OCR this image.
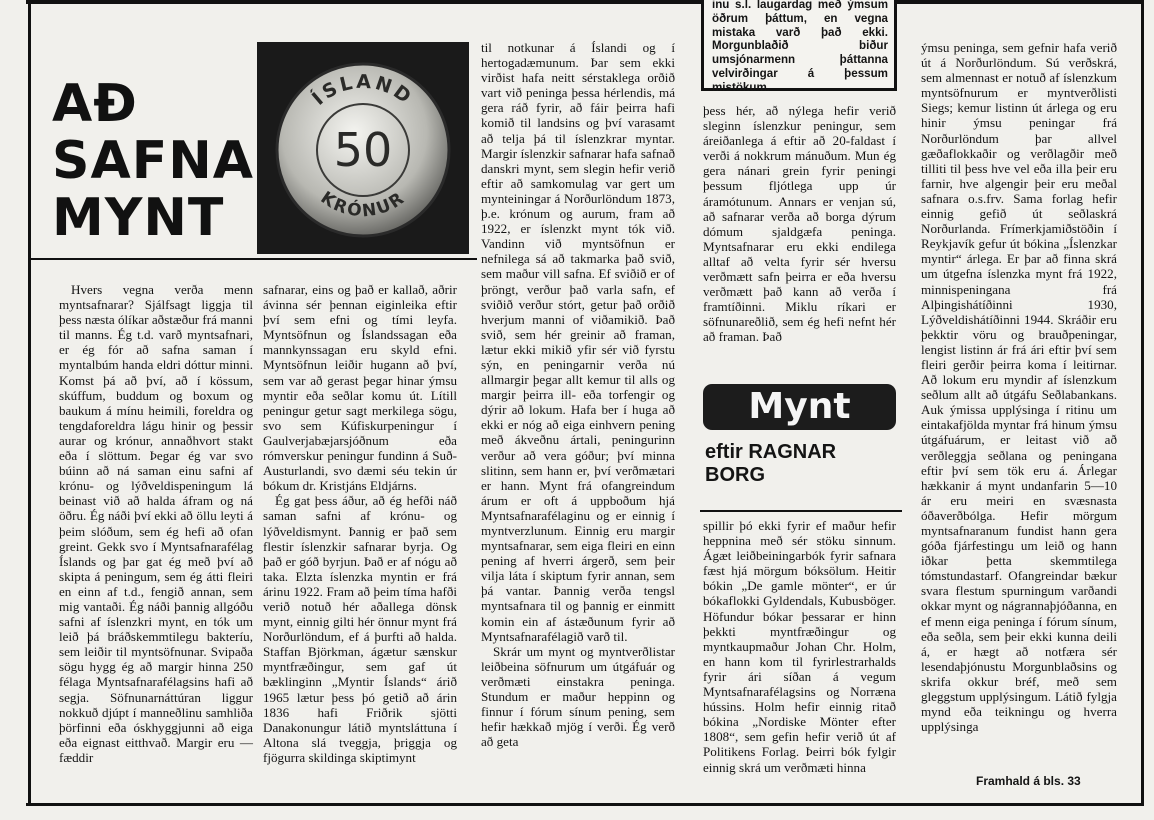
AÐ
SAFNA
MYNT
ÍSLAND
50
KRÓNUR
inu s.l. laugardag með ýmsum öðrum þáttum, en vegna mistaka varð það ekki. Morgunblaðið biður umsjónarmenn þáttanna velvirðingar á þessum mistökum.
Mynt
eftir RAGNAR
BORG

Hvers vegna verða menn myntsafnarar? Sjálfsagt liggja til þess næsta ólíkar aðstæður frá manni til manns. Ég t.d. varð myntsafnari, er ég fór að safna saman í myntalbúm handa eldri dóttur minni. Komst þá að því, að í kössum, skúffum, buddum og boxum og baukum á mínu heimili, foreldra og tengdaforeldra lágu hinir og þessir aurar og krónur, annaðhvort stakt eða í slöttum. Þegar ég var svo búinn að ná saman einu safni af krónu- og lýðveldispeningum lá beinast við að halda áfram og ná öðru. Ég náði því ekki að öllu leyti á þeim slóðum, sem ég hefi að ofan greint. Gekk svo í Myntsafnarafélag Íslands og þar gat ég með því að skipta á peningum, sem ég átti fleiri en einn af t.d., fengið annan, sem mig vantaði. Ég náði þannig allgóðu safni af íslenzkri mynt, en tók um leið þá bráðskemmtilegu bakteríu, sem leiðir til myntsöfnunar. Svipaða sögu hygg ég að margir hinna 250 félaga Myntsafnarafélagsins hafi að segja. Söfnunarnáttúran liggur nokkuð djúpt í manneðlinu samhliða þörfinni eða óskhyggjunni að eiga eða eignast eitthvað. Margir eru — fæddir

safnarar, eins og það er kallað, aðrir ávinna sér þennan eiginleika eftir því sem efni og tími leyfa. Myntsöfnun og Íslandssagan eða mannkynssagan eru skyld efni. Myntsöfnun leiðir hugann að því, sem var að gerast þegar hinar ýmsu myntir eða seðlar komu út. Lítill peningur getur sagt merkilega sögu, svo sem Kúfiskurpeningur í Gaulverjabæjarsjóðnum eða rómverskur peningur fundinn á Suð-Austurlandi, svo dæmi séu tekin úr bókum dr. Kristjáns Eldjárns.

Ég gat þess áður, að ég hefði náð saman safni af krónu- og lýðveldismynt. Þannig er það sem flestir íslenzkir safnarar byrja. Og það er góð byrjun. Það er af nógu að taka. Elzta íslenzka myntin er frá árinu 1922. Fram að þeim tíma hafði verið notuð hér aðallega dönsk mynt, einnig gilti hér önnur mynt frá Norðurlöndum, ef á þurfti að halda. Staffan Björkman, ágætur sænskur myntfræðingur, sem gaf út bæklinginn „Myntir Íslands“ árið 1965 lætur þess þó getið að árin 1836 hafi Friðrik sjötti Danakonungur látið myntsláttuna í Altona slá tveggja, þriggja og fjögurra skildinga skiptimynt

til notkunar á Íslandi og í hertogadæmunum. Þar sem ekki virðist hafa neitt sérstaklega orðið vart við peninga þessa hérlendis, má gera ráð fyrir, að fáir þeirra hafi komið til landsins og því varasamt að telja þá til íslenzkrar myntar. Margir íslenzkir safnarar hafa safnað danskri mynt, sem slegin hefir verið eftir að samkomulag var gert um mynteiningar á Norðurlöndum 1873, þ.e. krónum og aurum, fram að 1922, er íslenzkt mynt tók við. Vandinn við myntsöfnun er nefnilega sá að takmarka það svið, sem maður vill safna. Ef sviðið er of þröngt, verður það varla safn, ef sviðið verður stórt, getur það orðið hverjum manni of viðamikið. Það svið, sem hér greinir að framan, lætur ekki mikið yfir sér við fyrstu sýn, en peningarnir verða nú allmargir þegar allt kemur til alls og margir þeirra ill- eða torfengir og dýrir að lokum. Hafa ber í huga að ekki er nóg að eiga einhvern pening með ákveðnu ártali, peningurinn verður að vera góður; því minna slitinn, sem hann er, því verðmætari er hann. Mynt frá ofangreindum árum er oft á uppboðum hjá Myntsafnarafélaginu og er einnig í myntverzlunum. Einnig eru margir myntsafnarar, sem eiga fleiri en einn pening af hverri árgerð, sem þeir vilja láta í skiptum fyrir annan, sem þá vantar. Þannig verða tengsl myntsafnara til og þannig er einmitt komin ein af ástæðunum fyrir að Myntsafnarafélagið varð til.

Skrár um mynt og myntverðlistar leiðbeina söfnurum um útgáfuár og verðmæti einstakra peninga. Stundum er maður heppinn og finnur í fórum sínum pening, sem hefir hækkað mjög í verði. Ég verð að geta

þess hér, að nýlega hefir verið sleginn íslenzkur peningur, sem áreiðanlega á eftir að 20-faldast í verði á nokkrum mánuðum. Mun ég gera nánari grein fyrir peningi þessum fljótlega upp úr áramótunum. Annars er venjan sú, að safnarar verða að borga dýrum dómum sjaldgæfa peninga. Myntsafnarar eru ekki endilega alltaf að velta fyrir sér hversu verðmætt safn þeirra er eða hversu verðmætt það kann að verða í framtíðinni. Miklu ríkari er söfnunarеðlið, sem ég hefi nefnt hér að framan. Það

spillir þó ekki fyrir ef maður hefir heppnina með sér stöku sinnum. Ágæt leiðbeiningarbók fyrir safnara fæst hjá mörgum bóksölum. Heitir bókin „De gamle mönter“, er úr bókaflokki Gyldendals, Kubusböger. Höfundur bókar þessarar er hinn þekkti myntfræðingur og myntkaupmaður Johan Chr. Holm, en hann kom til fyrirlestrarhalds fyrir ári síðan á vegum Myntsafnarafélagsins og Norræna hússins. Holm hefir einnig ritað bókina „Nordiske Mönter efter 1808“, sem gefin hefir verið út af Politikens Forlag. Þeirri bók fylgir einnig skrá um verðmæti hinna

ýmsu peninga, sem gefnir hafa verið út á Norðurlöndum. Sú verðskrá, sem almennast er notuð af íslenzkum myntsöfnurum er myntverðlisti Siegs; kemur listinn út árlega og eru hinir ýmsu peningar frá Norðurlöndum þar allvel gæðaflokkaðir og verðlagðir með tilliti til þess hve vel eða illa þeir eru farnir, hve algengir þeir eru meðal safnara o.s.frv. Sama forlag hefir einnig gefið út seðlaskrá Norðurlanda. Frímerkjamiðstöðin í Reykjavík gefur út bókina „Íslenzkar myntir“ árlega. Er þar að finna skrá um útgefna íslenzka mynt frá 1922, minnispeningana frá Alþingishátíðinni 1930, Lýðveldishátíðinni 1944. Skráðir eru þekktir vöru og brauðpeningar, lengist listinn ár frá ári eftir því sem fleiri gerðir þeirra koma í leitirnar. Að lokum eru myndir af íslenzkum seðlum allt að útgáfu Seðlabankans. Auk ýmissa upplýsinga í ritinu um eintakafjölda myntar frá hinum ýmsu útgáfuárum, er leitast við að verðleggja seðlana og peningana eftir því sem tök eru á. Árlegar hækkanir á mynt undanfarin 5—10 ár eru meiri en svæsnasta óðaverðbólga. Hefir mörgum myntsafnaranum fundist hann gera góða fjárfestingu um leið og hann iðkar þetta skemmtilega tómstundastarf. Ofangreindar bækur svara flestum spurningum varðandi okkar mynt og nágrannaþjóðanna, en ef menn eiga peninga í fórum sínum, eða seðla, sem þeir ekki kunna deili á, er hægt að notfæra sér lesendaþjónustu Morgunblaðsins og skrifa okkur bréf, með sem gleggstum upplýsingum. Látið fylgja mynd eða teikningu og hverra upplýsinga

Framhald á bls. 33
